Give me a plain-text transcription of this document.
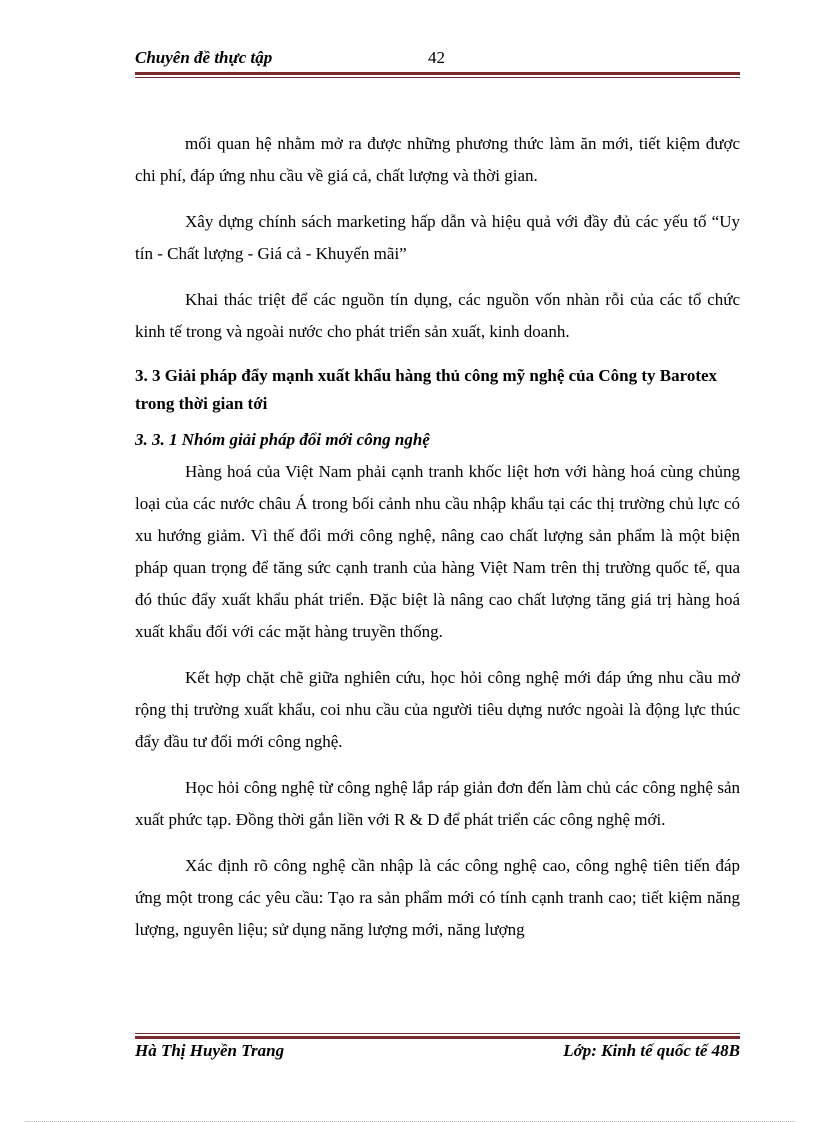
Chuyên đề thực tập	42

mối quan hệ nhằm mở ra được những phương thức làm ăn mới, tiết kiệm được chi phí, đáp ứng nhu cầu về giá cả, chất lượng và thời gian.

Xây dựng chính sách marketing hấp dẫn và hiệu quả với đầy đủ các yếu tố “Uy tín - Chất lượng - Giá cả - Khuyến mãi”

Khai thác triệt để các nguồn tín dụng, các nguồn vốn nhàn rỗi của các tổ chức kinh tế trong và ngoài nước cho phát triển sản xuất, kinh doanh.

3. 3 Giải pháp đẩy mạnh xuất khẩu hàng thủ công mỹ nghệ của Công ty Barotex trong thời gian tới
3. 3. 1 Nhóm giải pháp đổi mới công nghệ

Hàng hoá của Việt Nam phải cạnh tranh khốc liệt hơn với hàng hoá cùng chủng loại của các nước châu Á trong bối cảnh nhu cầu nhập khẩu tại các thị trường chủ lực có xu hướng giảm. Vì thế đổi mới công nghệ, nâng cao chất lượng sản phẩm là một biện pháp quan trọng để tăng sức cạnh tranh của hàng Việt Nam trên thị trường quốc tế, qua đó thúc đẩy xuất khẩu phát triển. Đặc biệt là nâng cao chất lượng tăng giá trị hàng hoá xuất khẩu đối với các mặt hàng truyền thống.

Kết hợp chặt chẽ giữa nghiên cứu, học hỏi công nghệ mới đáp ứng nhu cầu mở rộng thị trường xuất khẩu, coi nhu cầu của người tiêu dựng nước ngoài là động lực thúc đẩy đầu tư đổi mới công nghệ.

Học hỏi công nghệ từ công nghệ lắp ráp giản đơn đến làm chủ các công nghệ sản xuất phức tạp. Đồng thời gắn liền với R & D để phát triển các công nghệ mới.

Xác định rõ công nghệ cần nhập là các công nghệ cao, công nghệ tiên tiến đáp ứng một trong các yêu cầu: Tạo ra sản phẩm mới có tính cạnh tranh cao; tiết kiệm năng lượng, nguyên liệu; sử dụng năng lượng mới, năng lượng

Hà Thị Huyền Trang	Lớp: Kinh tế quốc tế 48B
